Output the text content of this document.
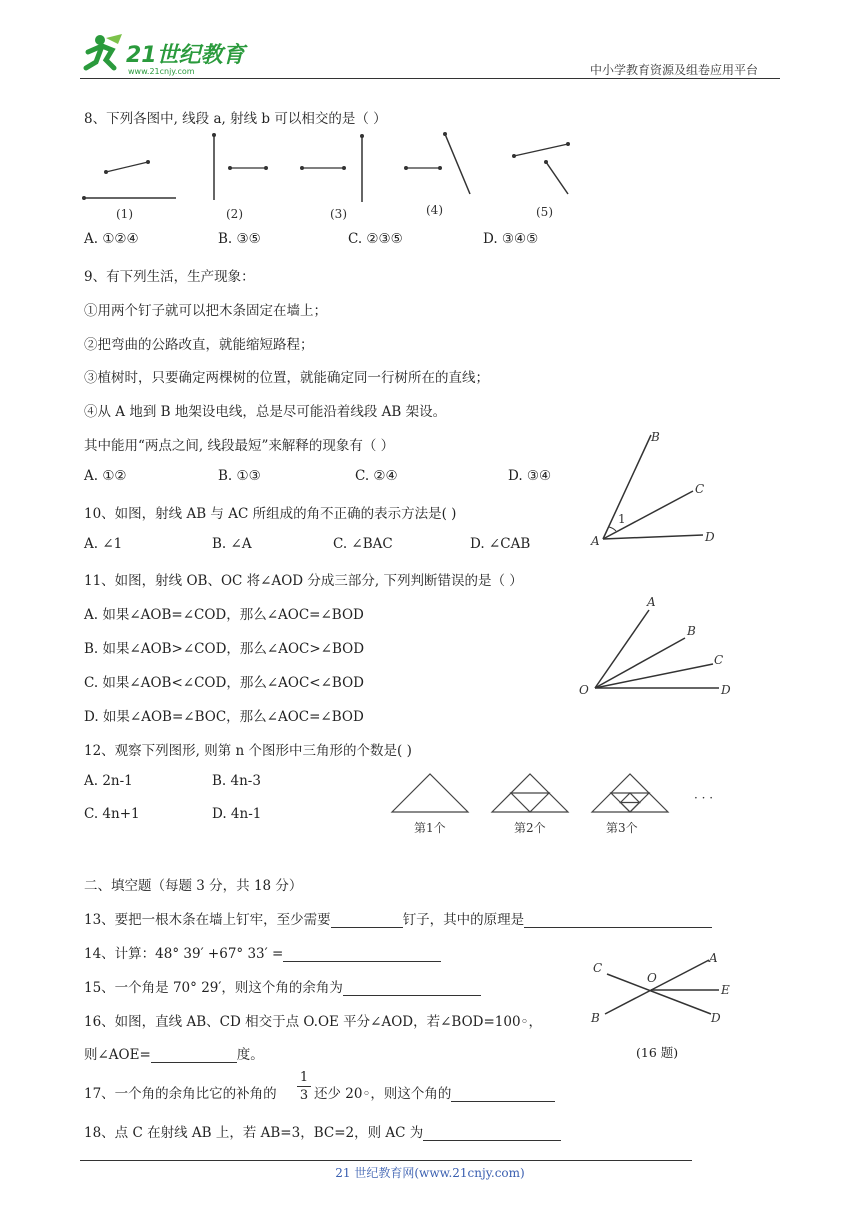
21世纪教育
www.21cnjy.com	中小学教育资源及组卷应用平台
8、下列各图中, 线段 a, 射线 b 可以相交的是（ ）
(1)	(2)	(3)	(4)	(5)
A. ①②④	B. ③⑤	C. ②③⑤	D. ③④⑤
9、有下列生活，生产现象：
①用两个钉子就可以把木条固定在墙上；
②把弯曲的公路改直，就能缩短路程；
③植树时，只要确定两棵树的位置，就能确定同一行树所在的直线；
④从 A 地到 B 地架设电线，总是尽可能沿着线段 AB 架设。
其中能用“两点之间, 线段最短”来解释的现象有（ ）
A. ①②	B. ①③	C. ②④	D. ③④
B
C
D
A
1
10、如图，射线 AB 与 AC 所组成的角不正确的表示方法是( )
A. ∠1	B. ∠A	C. ∠BAC	D. ∠CAB
11、如图，射线 OB、OC 将∠AOD 分成三部分, 下列判断错误的是（ ）
A. 如果∠AOB=∠COD，那么∠AOC=∠BOD
B. 如果∠AOB>∠COD，那么∠AOC>∠BOD
C. 如果∠AOB<∠COD，那么∠AOC<∠BOD
D. 如果∠AOB=∠BOC，那么∠AOC=∠BOD
A
B
C
D
O
12、观察下列图形, 则第 n 个图形中三角形的个数是( )
A. 2n-1	B. 4n-3
C. 4n+1	D. 4n-1
第1个	第2个	第3个
· · ·
二、填空题（每题 3 分，共 18 分）
13、要把一根木条在墙上钉牢，至少需要	钉子，其中的原理是
14、计算：48° 39′ +67° 33′ =
15、一个角是 70° 29′，则这个角的余角为
16、如图，直线 AB、CD 相交于点 O.OE 平分∠AOD，若∠BOD=100◦，
则∠AOE=	度。
C
O
A
E
B	D
(16 题)
17、一个角的余角比它的补角的
1
3 还少 20◦，则这个角的
18、点 C 在射线 AB 上，若 AB=3，BC=2，则 AC 为
21 世纪教育网(www.21cnjy.com)
